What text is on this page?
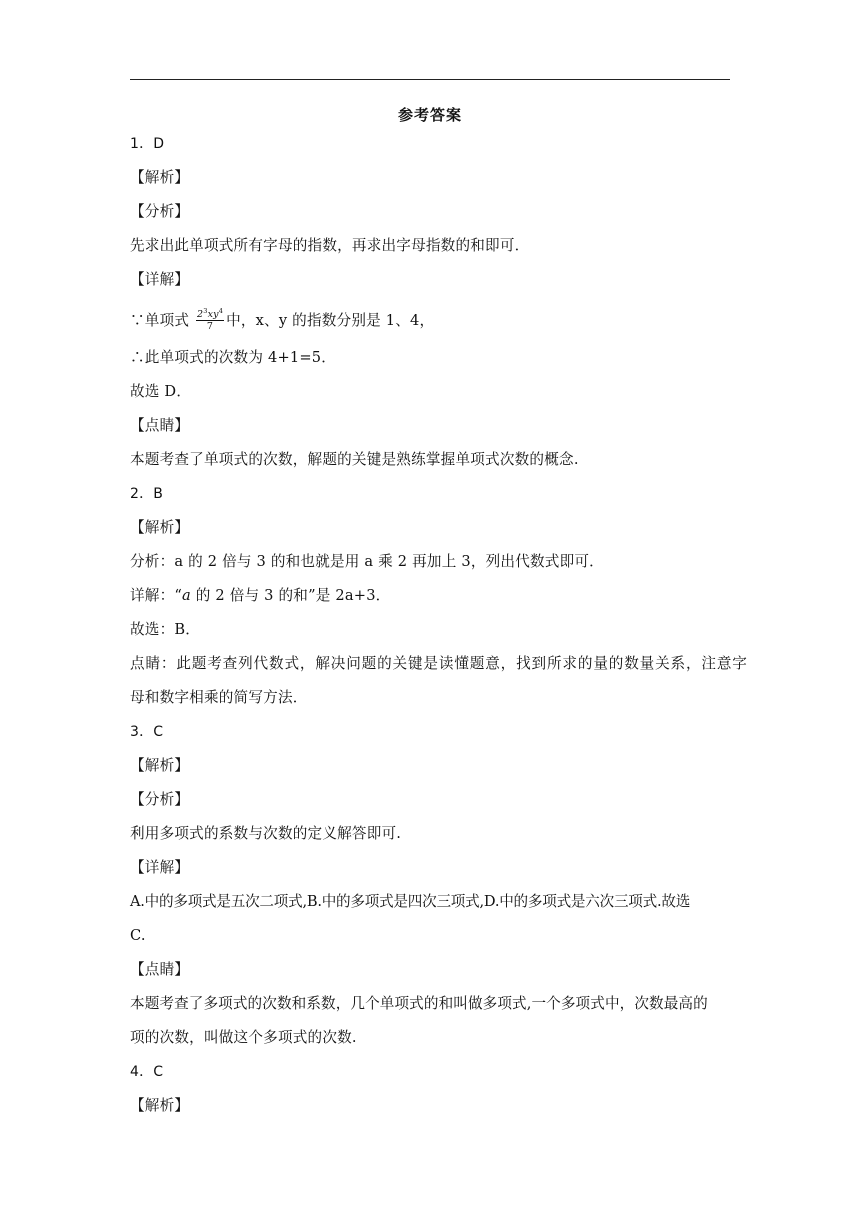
参考答案
1．D
【解析】
【分析】
先求出此单项式所有字母的指数，再求出字母指数的和即可．
【详解】
∵单项式 $\frac{2^3xy^4}{7}$ 中，x、y 的指数分别是 1、4，
∴此单项式的次数为 4+1=5．
故选 D．
【点睛】
本题考查了单项式的次数，解题的关键是熟练掌握单项式次数的概念.
2．B
【解析】
分析：a 的 2 倍与 3 的和也就是用 a 乘 2 再加上 3，列出代数式即可．
详解：“a 的 2 倍与 3 的和”是 2a+3．
故选：B．
点睛：此题考查列代数式，解决问题的关键是读懂题意，找到所求的量的数量关系，注意字
母和数字相乘的简写方法．
3．C
【解析】
【分析】
利用多项式的系数与次数的定义解答即可.
【详解】
A.中的多项式是五次二项式,B.中的多项式是四次三项式,D.中的多项式是六次三项式.故选
C.
【点睛】
本题考查了多项式的次数和系数，几个单项式的和叫做多项式,一个多项式中，次数最高的
项的次数，叫做这个多项式的次数.
4．C
【解析】
